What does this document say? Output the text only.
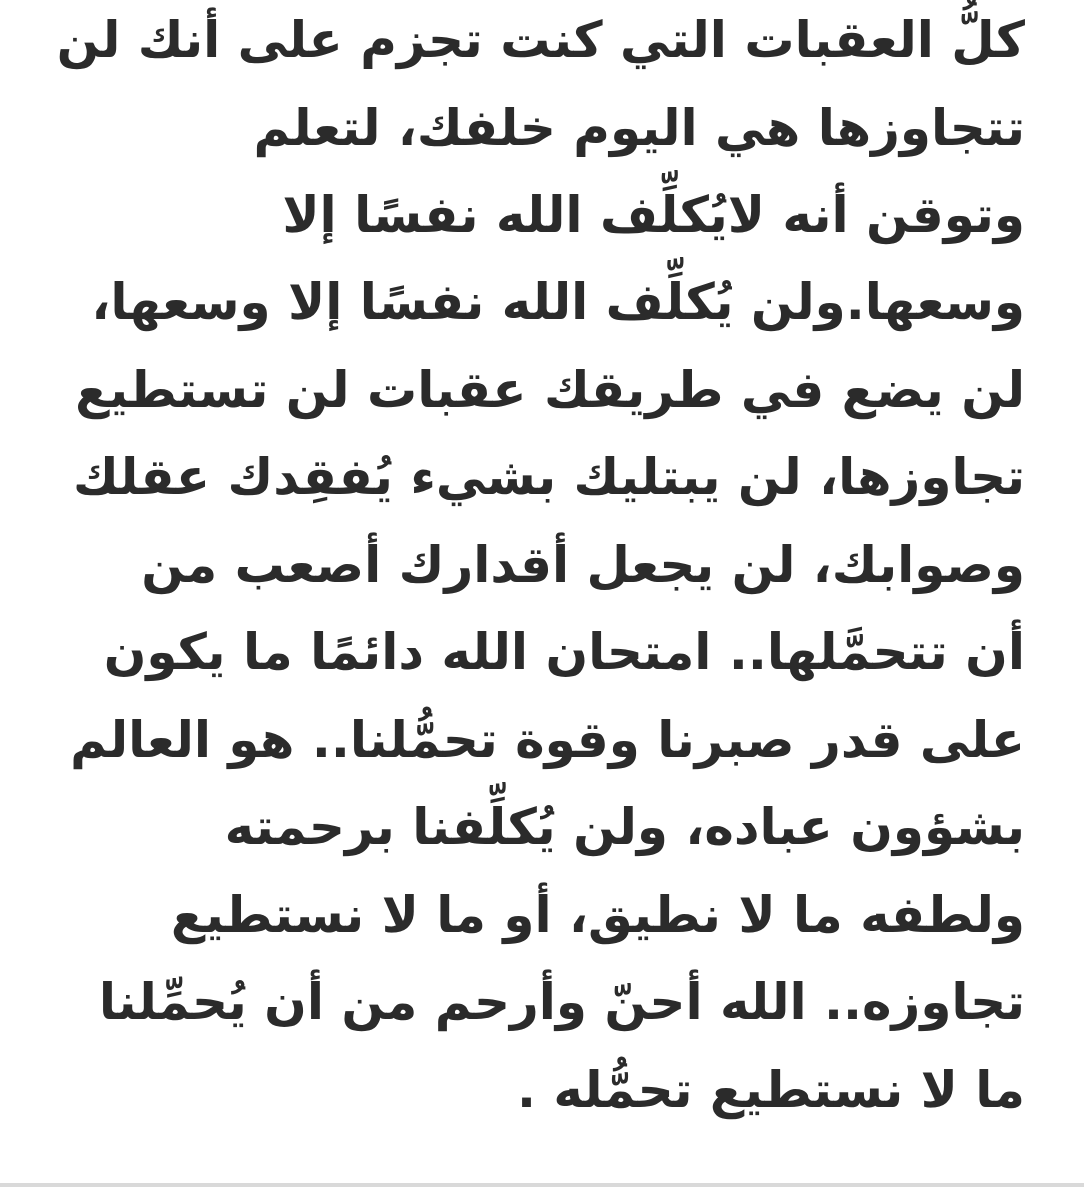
كلُّ العقبات التي كنت تجزم على أنك لن
تتجاوزها هي اليوم خلفك، لتعلم
وتوقن أنه لايُكلِّف الله نفسًا إلا
وسعها.ولن يُكلِّف الله نفسًا إلا وسعها،
لن يضع في طريقك عقبات لن تستطيع
تجاوزها، لن يبتليك بشيء يُفقِدك عقلك
وصوابك، لن يجعل أقدارك أصعب من
أن تتحمَّلها.. امتحان الله دائمًا ما يكون
على قدر صبرنا وقوة تحمُّلنا.. هو العالم
بشؤون عباده، ولن يُكلِّفنا برحمته
ولطفه ما لا نطيق، أو ما لا نستطيع
تجاوزه.. الله أحنّ وأرحم من أن يُحمِّلنا
ما لا نستطيع تحمُّله .
